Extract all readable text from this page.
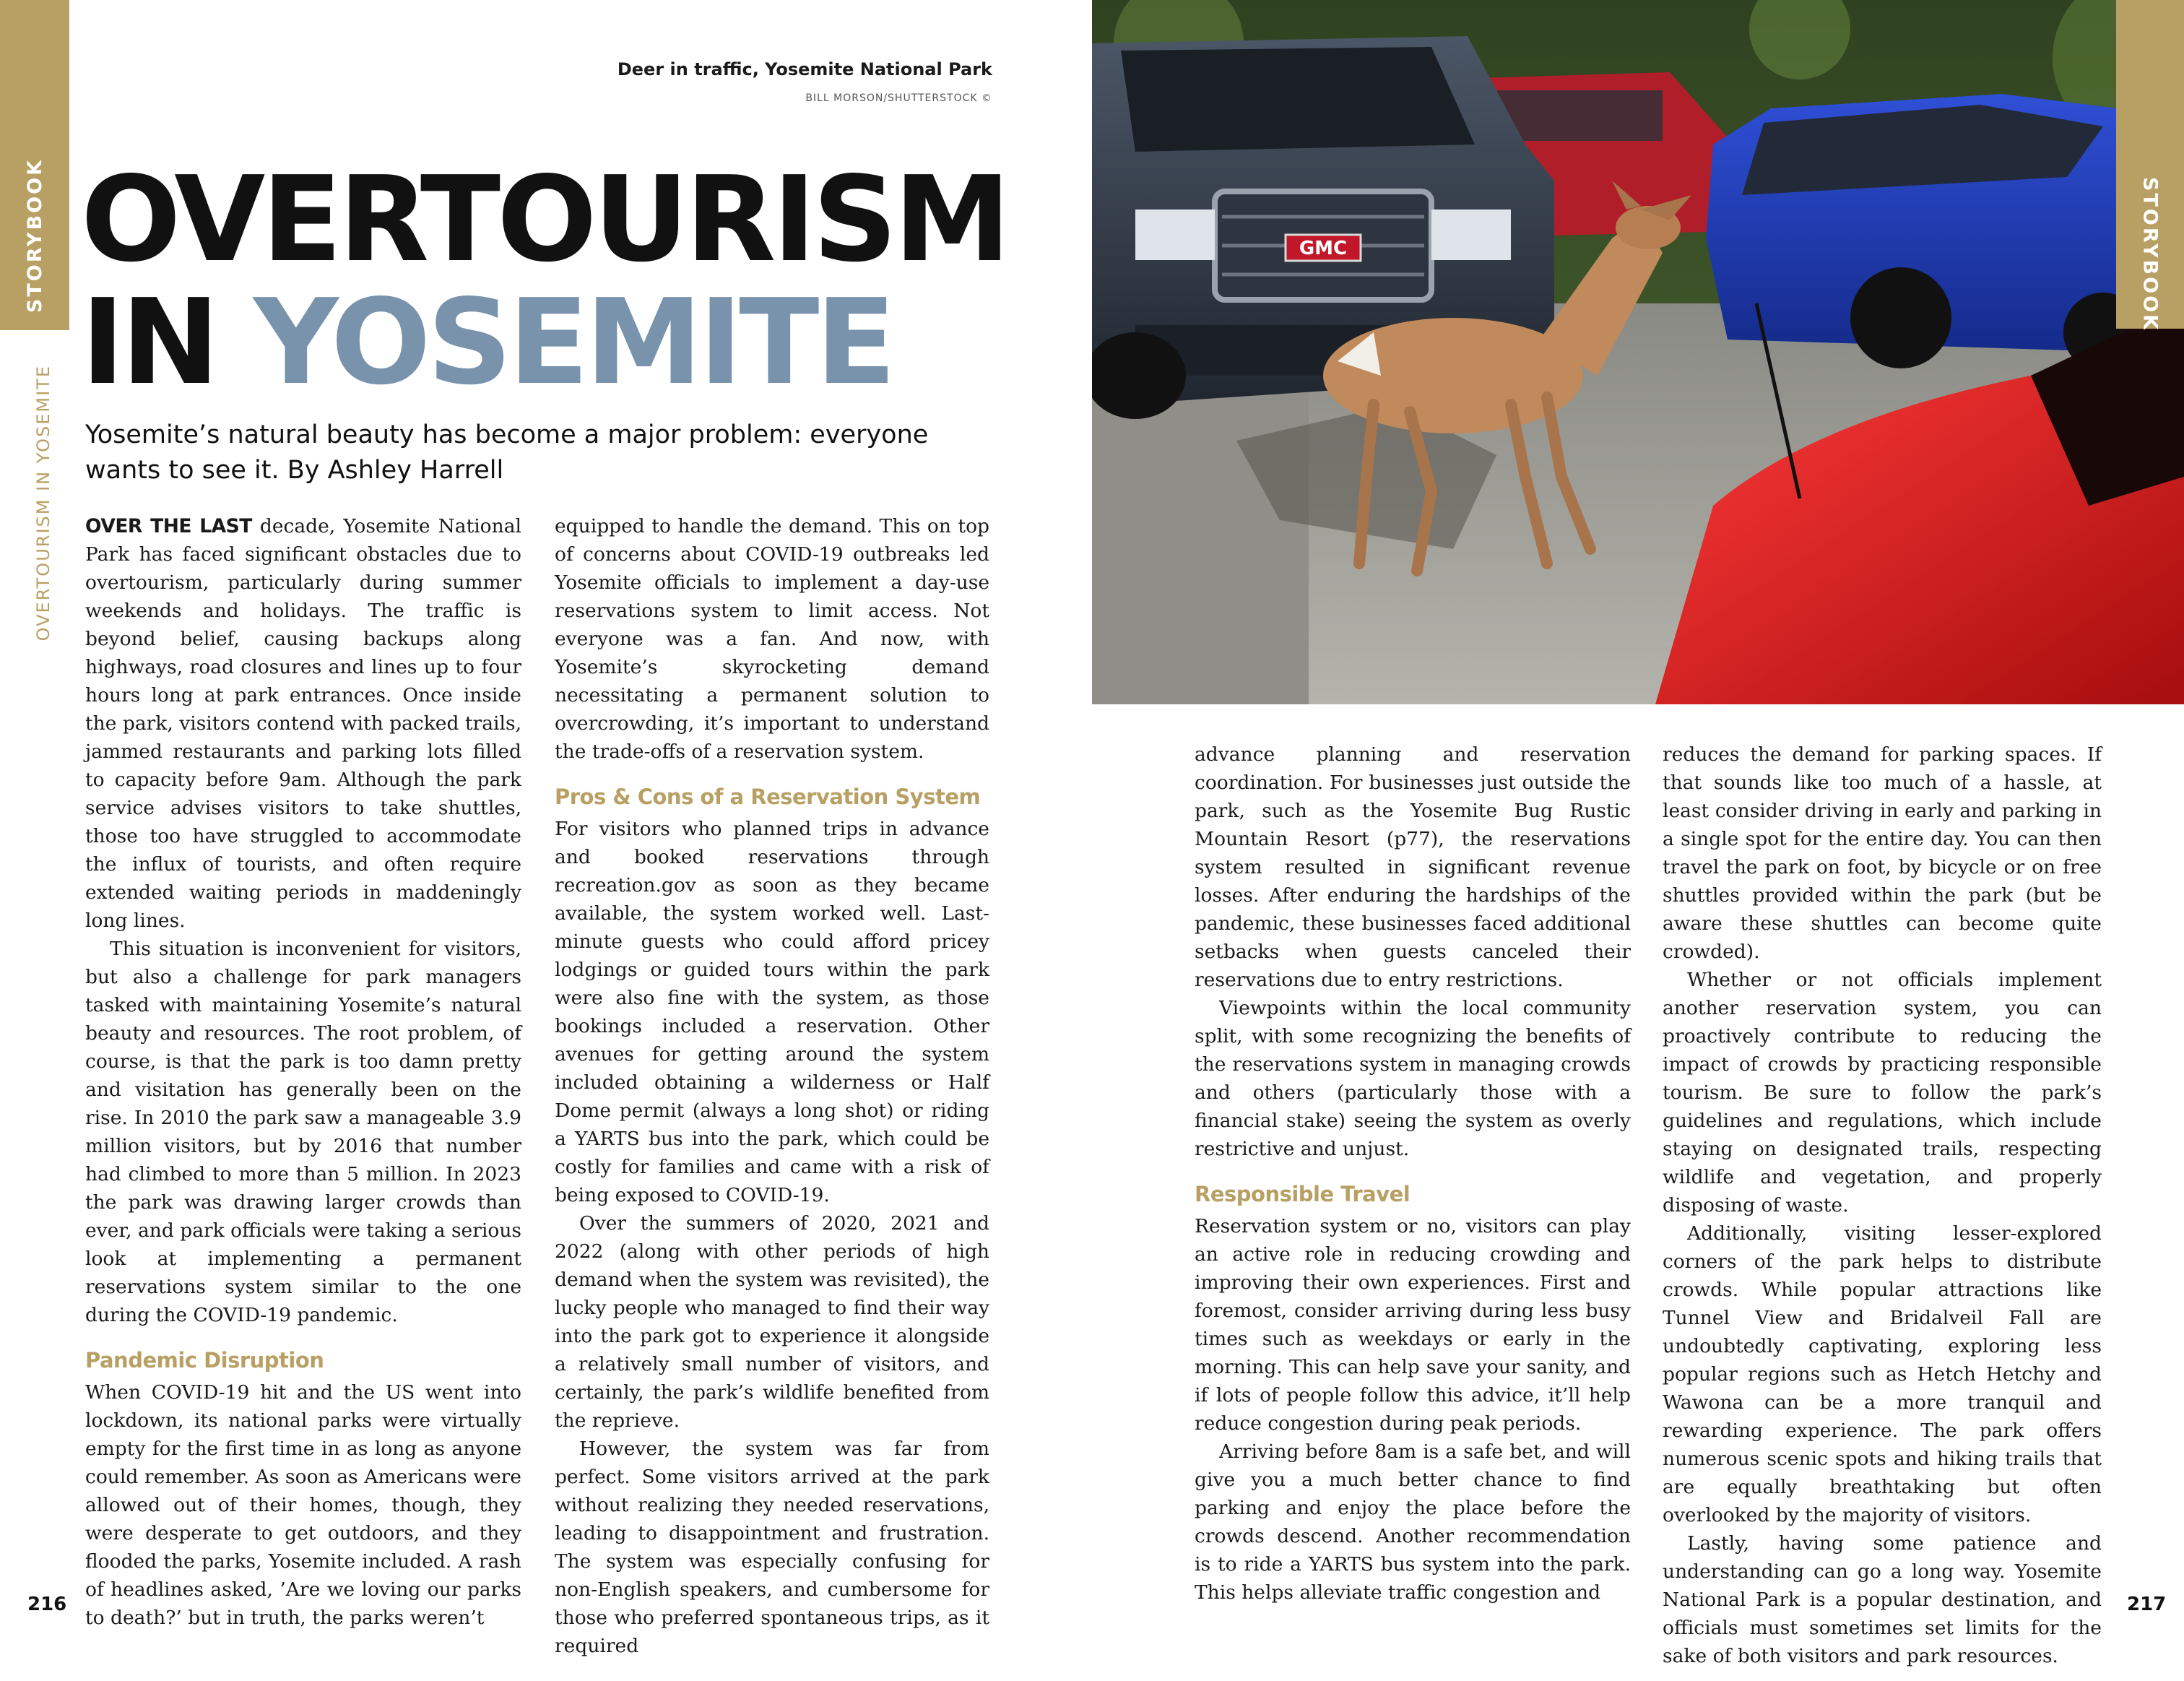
STORYBOOK
OVERTOURISM IN YOSEMITE
Deer in traffic, Yosemite National Park
BILL MORSON/SHUTTERSTOCK ©
OVERTOURISM
IN YOSEMITE
Yosemite’s natural beauty has become a major problem: everyone wants to see it. By Ashley Harrell

OVER THE LAST decade, Yosemite National Park has faced significant obstacles due to overtourism, particularly during summer weekends and holidays. The traffic is beyond belief, causing backups along highways, road closures and lines up to four hours long at park entrances. Once inside the park, visitors contend with packed trails, jammed restaurants and parking lots filled to capacity before 9am. Although the park service advises visitors to take shuttles, those too have struggled to accommodate the influx of tourists, and often require extended waiting periods in maddeningly long lines.

This situation is inconvenient for visitors, but also a challenge for park managers tasked with maintaining Yosemite’s natural beauty and resources. The root problem, of course, is that the park is too damn pretty and visitation has generally been on the rise. In 2010 the park saw a manageable 3.9 million visitors, but by 2016 that number had climbed to more than 5 million. In 2023 the park was drawing larger crowds than ever, and park officials were taking a serious look at implementing a permanent reservations system similar to the one during the COVID-19 pandemic.

Pandemic Disruption

When COVID-19 hit and the US went into lockdown, its national parks were virtually empty for the first time in as long as anyone could remember. As soon as Americans were allowed out of their homes, though, they were desperate to get outdoors, and they flooded the parks, Yosemite included. A rash of headlines asked, ’Are we loving our parks to death?’ but in truth, the parks weren’t

equipped to handle the demand. This on top of concerns about COVID-19 outbreaks led Yosemite officials to implement a day-use reservations system to limit access. Not everyone was a fan. And now, with Yosemite’s skyrocketing demand necessitating a permanent solution to overcrowding, it’s important to understand the trade-offs of a reservation system.

Pros & Cons of a Reservation System

For visitors who planned trips in advance and booked reservations through recreation.gov as soon as they became available, the system worked well. Last-minute guests who could afford pricey lodgings or guided tours within the park were also fine with the system, as those bookings included a reservation. Other avenues for getting around the system included obtaining a wilderness or Half Dome permit (always a long shot) or riding a YARTS bus into the park, which could be costly for families and came with a risk of being exposed to COVID-19.

Over the summers of 2020, 2021 and 2022 (along with other periods of high demand when the system was revisited), the lucky people who managed to find their way into the park got to experience it alongside a relatively small number of visitors, and certainly, the park’s wildlife benefited from the reprieve.

However, the system was far from perfect. Some visitors arrived at the park without realizing they needed reservations, leading to disappointment and frustration. The system was especially confusing for non-English speakers, and cumbersome for those who preferred spontaneous trips, as it required

GMC	STORYBOOK

advance planning and reservation coordination. For businesses just outside the park, such as the Yosemite Bug Rustic Mountain Resort (p77), the reservations system resulted in significant revenue losses. After enduring the hardships of the pandemic, these businesses faced additional setbacks when guests canceled their reservations due to entry restrictions.

Viewpoints within the local community split, with some recognizing the benefits of the reservations system in managing crowds and others (particularly those with a financial stake) seeing the system as overly restrictive and unjust.

Responsible Travel

Reservation system or no, visitors can play an active role in reducing crowding and improving their own experiences. First and foremost, consider arriving during less busy times such as weekdays or early in the morning. This can help save your sanity, and if lots of people follow this advice, it’ll help reduce congestion during peak periods.

Arriving before 8am is a safe bet, and will give you a much better chance to find parking and enjoy the place before the crowds descend. Another recommendation is to ride a YARTS bus system into the park. This helps alleviate traffic congestion and

reduces the demand for parking spaces. If that sounds like too much of a hassle, at least consider driving in early and parking in a single spot for the entire day. You can then travel the park on foot, by bicycle or on free shuttles provided within the park (but be aware these shuttles can become quite crowded).

Whether or not officials implement another reservation system, you can proactively contribute to reducing the impact of crowds by practicing responsible tourism. Be sure to follow the park’s guidelines and regulations, which include staying on designated trails, respecting wildlife and vegetation, and properly disposing of waste.

Additionally, visiting lesser-explored corners of the park helps to distribute crowds. While popular attractions like Tunnel View and Bridalveil Fall are undoubtedly captivating, exploring less popular regions such as Hetch Hetchy and Wawona can be a more tranquil and rewarding experience. The park offers numerous scenic spots and hiking trails that are equally breathtaking but often overlooked by the majority of visitors.

Lastly, having some patience and understanding can go a long way. Yosemite National Park is a popular destination, and officials must sometimes set limits for the sake of both visitors and park resources.

216	217
